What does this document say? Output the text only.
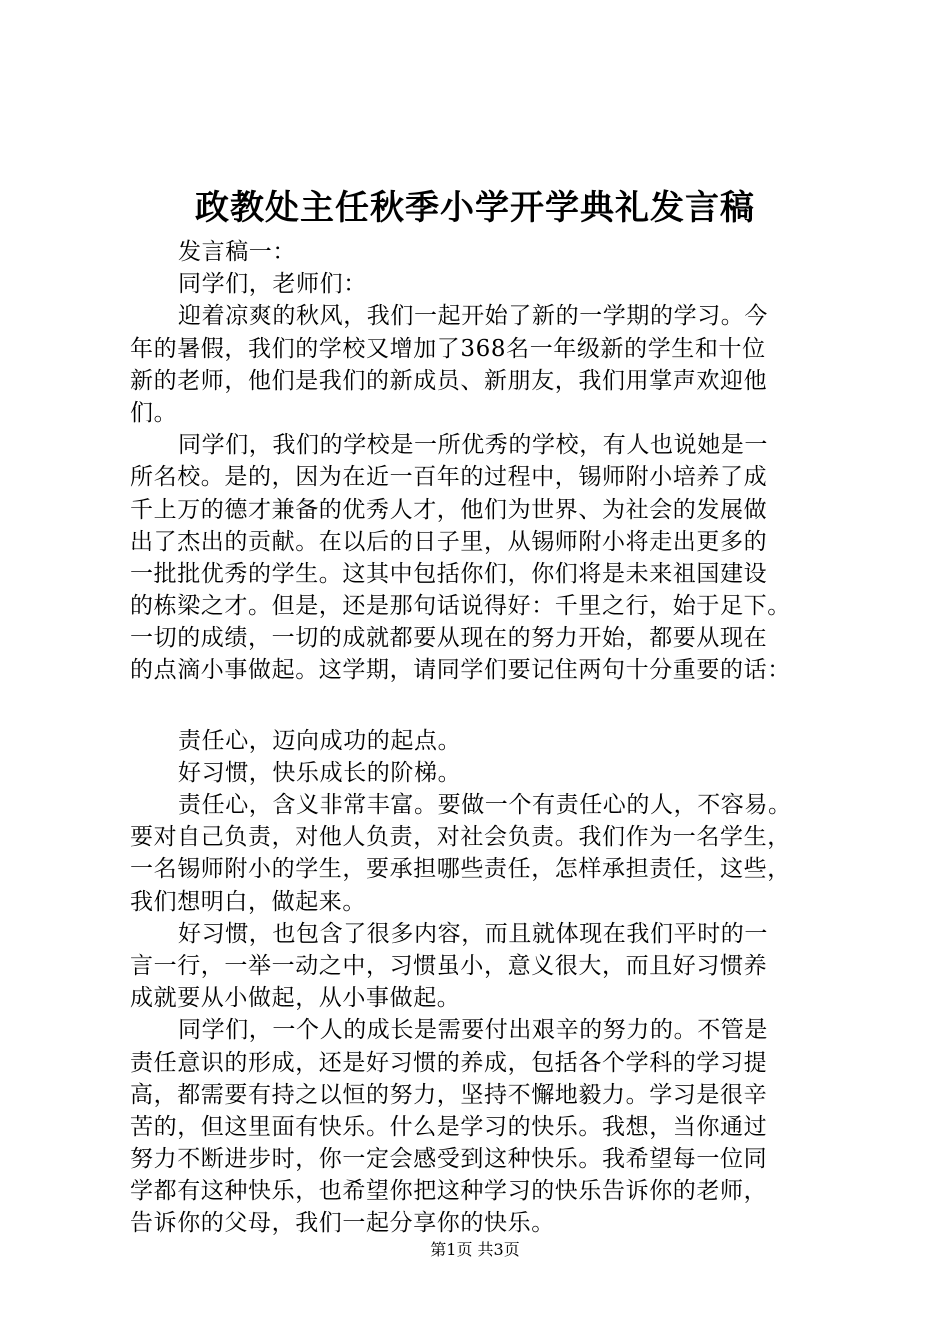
政教处主任秋季小学开学典礼发言稿
发言稿一：
同学们，老师们：
迎着凉爽的秋风，我们一起开始了新的一学期的学习。今
年的暑假，我们的学校又增加了368名一年级新的学生和十位
新的老师，他们是我们的新成员、新朋友，我们用掌声欢迎他
们。
同学们，我们的学校是一所优秀的学校，有人也说她是一
所名校。是的，因为在近一百年的过程中，锡师附小培养了成
千上万的德才兼备的优秀人才，他们为世界、为社会的发展做
出了杰出的贡献。在以后的日子里，从锡师附小将走出更多的
一批批优秀的学生。这其中包括你们，你们将是未来祖国建设
的栋梁之才。但是，还是那句话说得好：千里之行，始于足下。
一切的成绩，一切的成就都要从现在的努力开始，都要从现在
的点滴小事做起。这学期，请同学们要记住两句十分重要的话：
责任心，迈向成功的起点。
好习惯，快乐成长的阶梯。
责任心，含义非常丰富。要做一个有责任心的人，不容易。
要对自己负责，对他人负责，对社会负责。我们作为一名学生，
一名锡师附小的学生，要承担哪些责任，怎样承担责任，这些，
我们想明白，做起来。
好习惯，也包含了很多内容，而且就体现在我们平时的一
言一行，一举一动之中，习惯虽小，意义很大，而且好习惯养
成就要从小做起，从小事做起。
同学们，一个人的成长是需要付出艰辛的努力的。不管是
责任意识的形成，还是好习惯的养成，包括各个学科的学习提
高，都需要有持之以恒的努力，坚持不懈地毅力。学习是很辛
苦的，但这里面有快乐。什么是学习的快乐。我想，当你通过
努力不断进步时，你一定会感受到这种快乐。我希望每一位同
学都有这种快乐，也希望你把这种学习的快乐告诉你的老师，
告诉你的父母，我们一起分享你的快乐。
第1页 共3页
